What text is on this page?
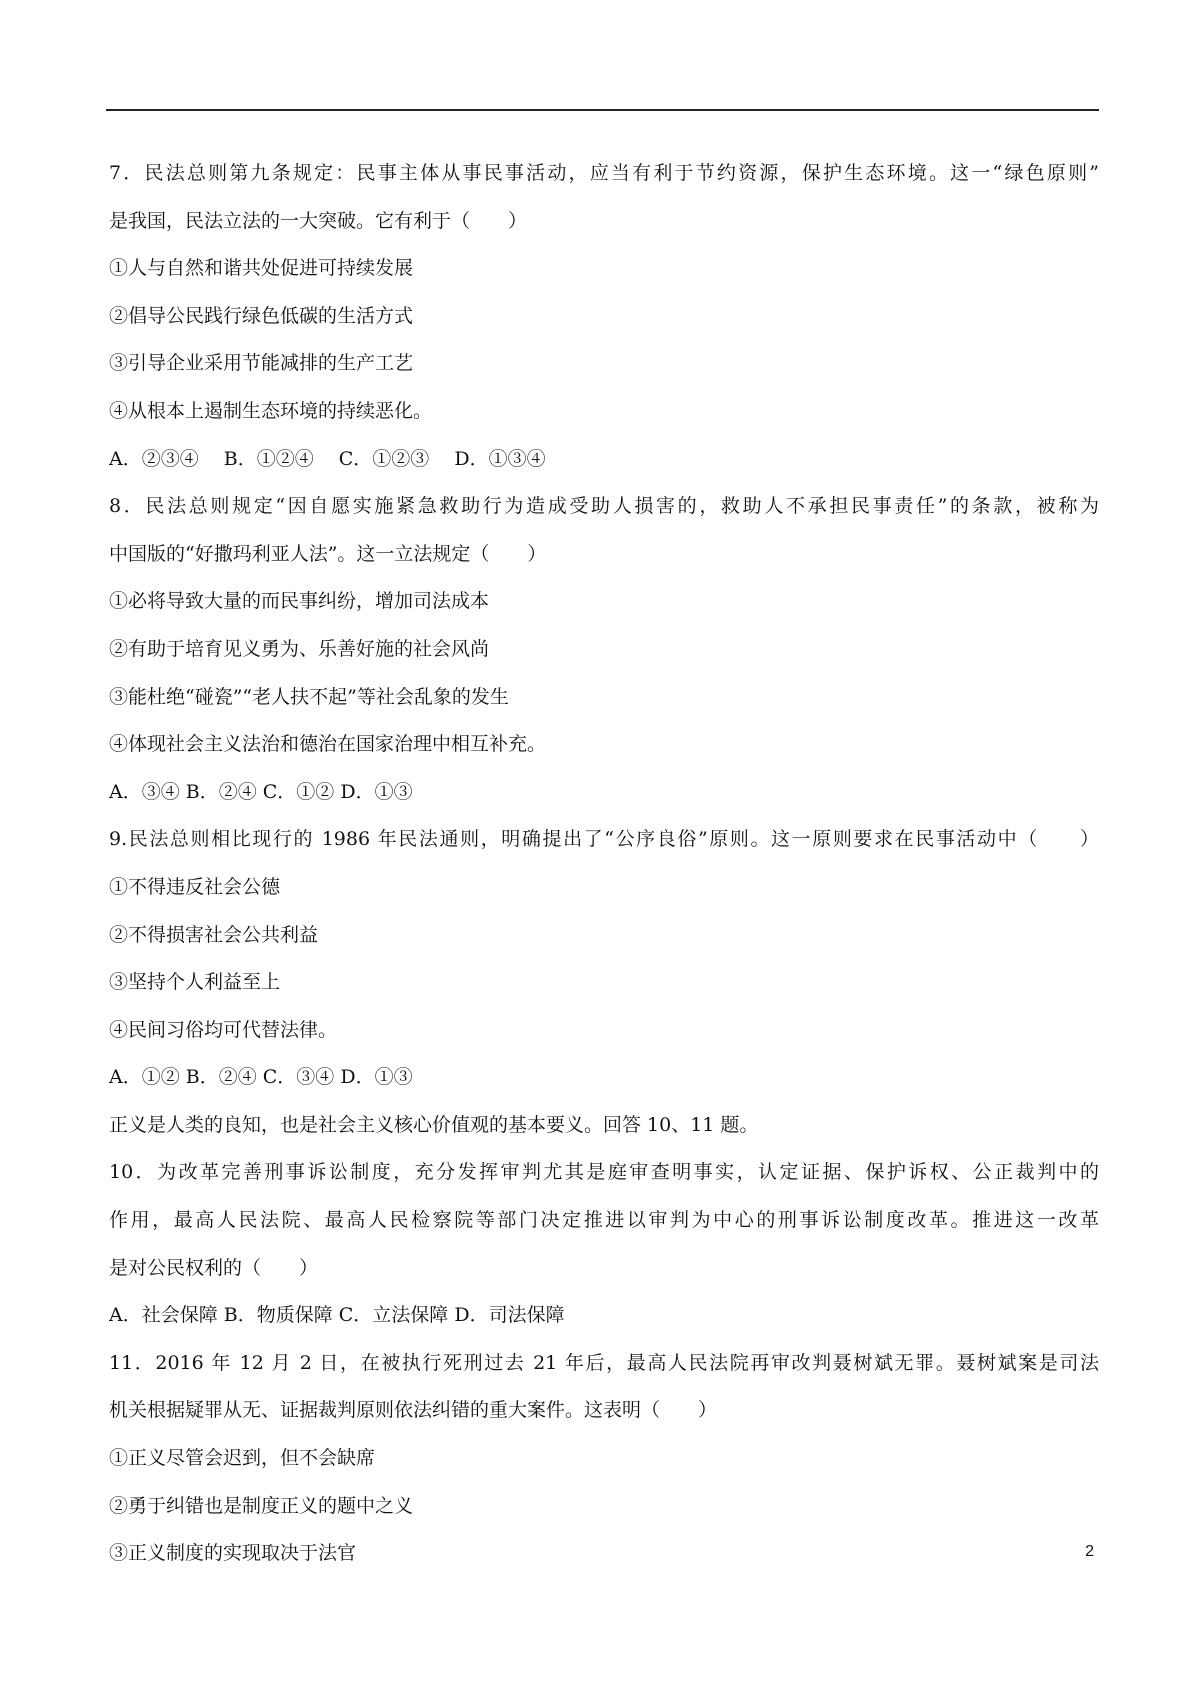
7．民法总则第九条规定：民事主体从事民事活动，应当有利于节约资源，保护生态环境。这一“绿色原则”
是我国，民法立法的一大突破。它有利于（　　）
①人与自然和谐共处促进可持续发展
②倡导公民践行绿色低碳的生活方式
③引导企业采用节能减排的生产工艺
④从根本上遏制生态环境的持续恶化。
A．②③④　 B．①②④　 C．①②③　 D．①③④
8．民法总则规定“因自愿实施紧急救助行为造成受助人损害的，救助人不承担民事责任”的条款，被称为
中国版的“好撒玛利亚人法”。这一立法规定（　　）
①必将导致大量的而民事纠纷，增加司法成本
②有助于培育见义勇为、乐善好施的社会风尚
③能杜绝“碰瓷”“老人扶不起”等社会乱象的发生
④体现社会主义法治和德治在国家治理中相互补充。
A．③④ B．②④ C．①② D．①③
9.民法总则相比现行的 1986 年民法通则，明确提出了“公序良俗”原则。这一原则要求在民事活动中（　　）
①不得违反社会公德
②不得损害社会公共利益
③坚持个人利益至上
④民间习俗均可代替法律。
A．①② B．②④ C．③④ D．①③
正义是人类的良知，也是社会主义核心价值观的基本要义。回答 10、11 题。
10．为改革完善刑事诉讼制度，充分发挥审判尤其是庭审查明事实，认定证据、保护诉权、公正裁判中的
作用，最高人民法院、最高人民检察院等部门决定推进以审判为中心的刑事诉讼制度改革。推进这一改革
是对公民权利的（　　）
A．社会保障 B．物质保障 C．立法保障 D．司法保障
11．2016 年 12 月 2 日，在被执行死刑过去 21 年后，最高人民法院再审改判聂树斌无罪。聂树斌案是司法
机关根据疑罪从无、证据裁判原则依法纠错的重大案件。这表明（　　）
①正义尽管会迟到，但不会缺席
②勇于纠错也是制度正义的题中之义
③正义制度的实现取决于法官	2
